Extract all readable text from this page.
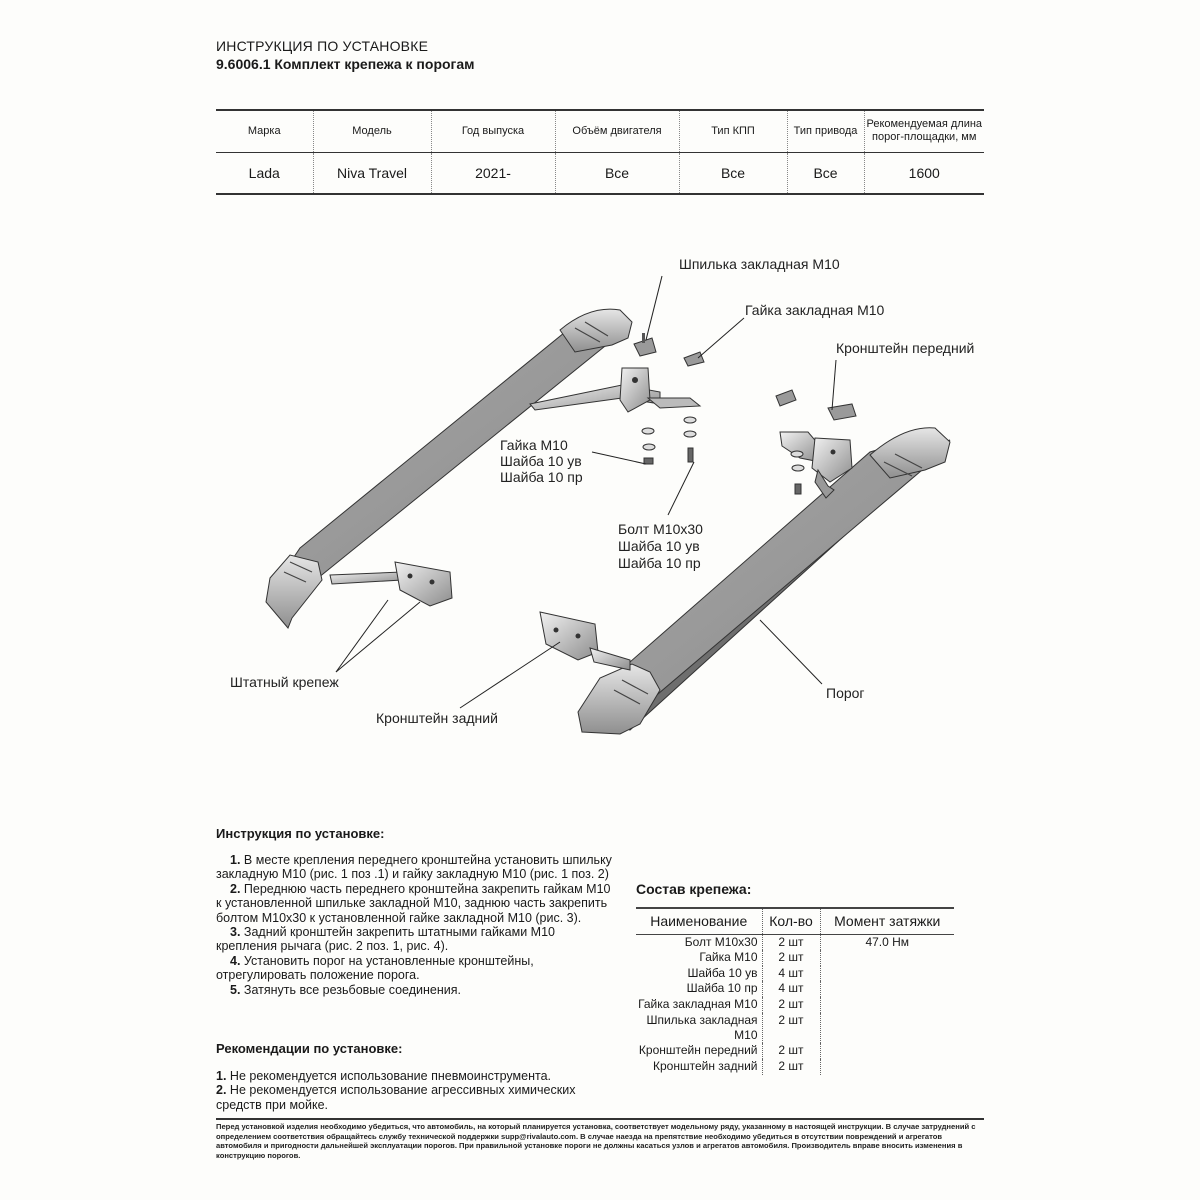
ИНСТРУКЦИЯ ПО УСТАНОВКЕ
9.6006.1 Комплект крепежа к порогам
Марка	Модель	Год выпуска	Объём двигателя	Тип КПП	Тип привода	Рекомендуемая длина порог-площадки, мм
Lada	Niva Travel	2021-	Все	Все	Все	1600
Шпилька закладная М10
Гайка закладная М10
Кронштейн передний
Гайка М10
Шайба 10 ув
Шайба 10 пр
Болт М10х30
Шайба 10 ув
Шайба 10 пр
Штатный крепеж
Кронштейн задний
Порог
Инструкция по установке:

1. В месте крепления переднего кронштейна установить шпильку закладную М10 (рис. 1 поз .1) и гайку закладную М10 (рис. 1 поз. 2)

2. Переднюю часть переднего кронштейна закрепить гайкам М10 к установленной шпильке закладной М10, заднюю часть закрепить болтом М10х30 к установленной гайке закладной М10 (рис. 3).

3. Задний кронштейн закрепить штатными гайками М10 крепления рычага (рис. 2 поз. 1, рис. 4).

4. Установить порог на установленные кронштейны, отрегулировать положение порога.

5. Затянуть все резьбовые соединения.

Рекомендации по установке:

1. Не рекомендуется использование пневмоинструмента.

2. Не рекомендуется использование агрессивных химических средств при мойке.

Состав крепежа:
Наименование	Кол-во	Момент затяжки
Болт М10х30	2 шт	47.0 Нм
Гайка М10	2 шт	
Шайба 10 ув	4 шт	
Шайба 10 пр	4 шт	
Гайка закладная М10	2 шт	
Шпилька закладная М10	2 шт	
Кронштейн передний	2 шт	
Кронштейн задний	2 шт	
Перед установкой изделия необходимо убедиться, что автомобиль, на который планируется установка, соответствует модельному ряду, указанному в настоящей инструкции. В случае затруднений с определением соответствия обращайтесь службу технической поддержки supp@rivalauto.com. В случае наезда на препятствие необходимо убедиться в отсутствии повреждений и агрегатов автомобиля и пригодности дальнейшей эксплуатации порогов. При правильной установке пороги не должны касаться узлов и агрегатов автомобиля. Производитель вправе вносить изменения в конструкцию порогов.
